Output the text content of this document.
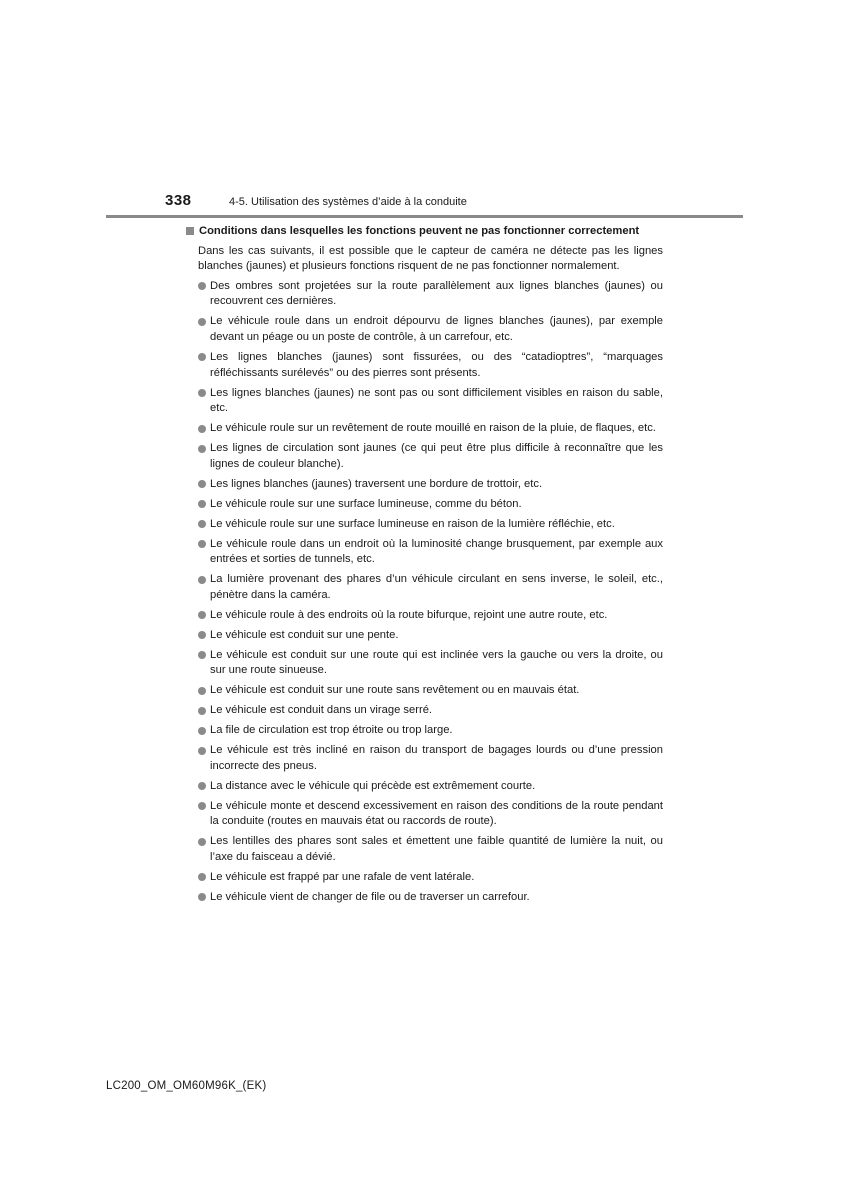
338	4-5. Utilisation des systèmes d’aide à la conduite
Conditions dans lesquelles les fonctions peuvent ne pas fonctionner correctement

Dans les cas suivants, il est possible que le capteur de caméra ne détecte pas les lignes blanches (jaunes) et plusieurs fonctions risquent de ne pas fonctionner normalement.

Des ombres sont projetées sur la route parallèlement aux lignes blanches (jaunes) ou recouvrent ces dernières.
Le véhicule roule dans un endroit dépourvu de lignes blanches (jaunes), par exemple devant un péage ou un poste de contrôle, à un carrefour, etc.
Les lignes blanches (jaunes) sont fissurées, ou des “catadioptres”, “marquages réfléchissants surélevés” ou des pierres sont présents.
Les lignes blanches (jaunes) ne sont pas ou sont difficilement visibles en raison du sable, etc.
Le véhicule roule sur un revêtement de route mouillé en raison de la pluie, de flaques, etc.
Les lignes de circulation sont jaunes (ce qui peut être plus difficile à reconnaître que les lignes de couleur blanche).
Les lignes blanches (jaunes) traversent une bordure de trottoir, etc.
Le véhicule roule sur une surface lumineuse, comme du béton.
Le véhicule roule sur une surface lumineuse en raison de la lumière réfléchie, etc.
Le véhicule roule dans un endroit où la luminosité change brusquement, par exemple aux entrées et sorties de tunnels, etc.
La lumière provenant des phares d’un véhicule circulant en sens inverse, le soleil, etc., pénètre dans la caméra.
Le véhicule roule à des endroits où la route bifurque, rejoint une autre route, etc.
Le véhicule est conduit sur une pente.
Le véhicule est conduit sur une route qui est inclinée vers la gauche ou vers la droite, ou sur une route sinueuse.
Le véhicule est conduit sur une route sans revêtement ou en mauvais état.
Le véhicule est conduit dans un virage serré.
La file de circulation est trop étroite ou trop large.
Le véhicule est très incliné en raison du transport de bagages lourds ou d’une pression incorrecte des pneus.
La distance avec le véhicule qui précède est extrêmement courte.
Le véhicule monte et descend excessivement en raison des conditions de la route pendant la conduite (routes en mauvais état ou raccords de route).
Les lentilles des phares sont sales et émettent une faible quantité de lumière la nuit, ou l’axe du faisceau a dévié.
Le véhicule est frappé par une rafale de vent latérale.
Le véhicule vient de changer de file ou de traverser un carrefour.
LC200_OM_OM60M96K_(EK)
